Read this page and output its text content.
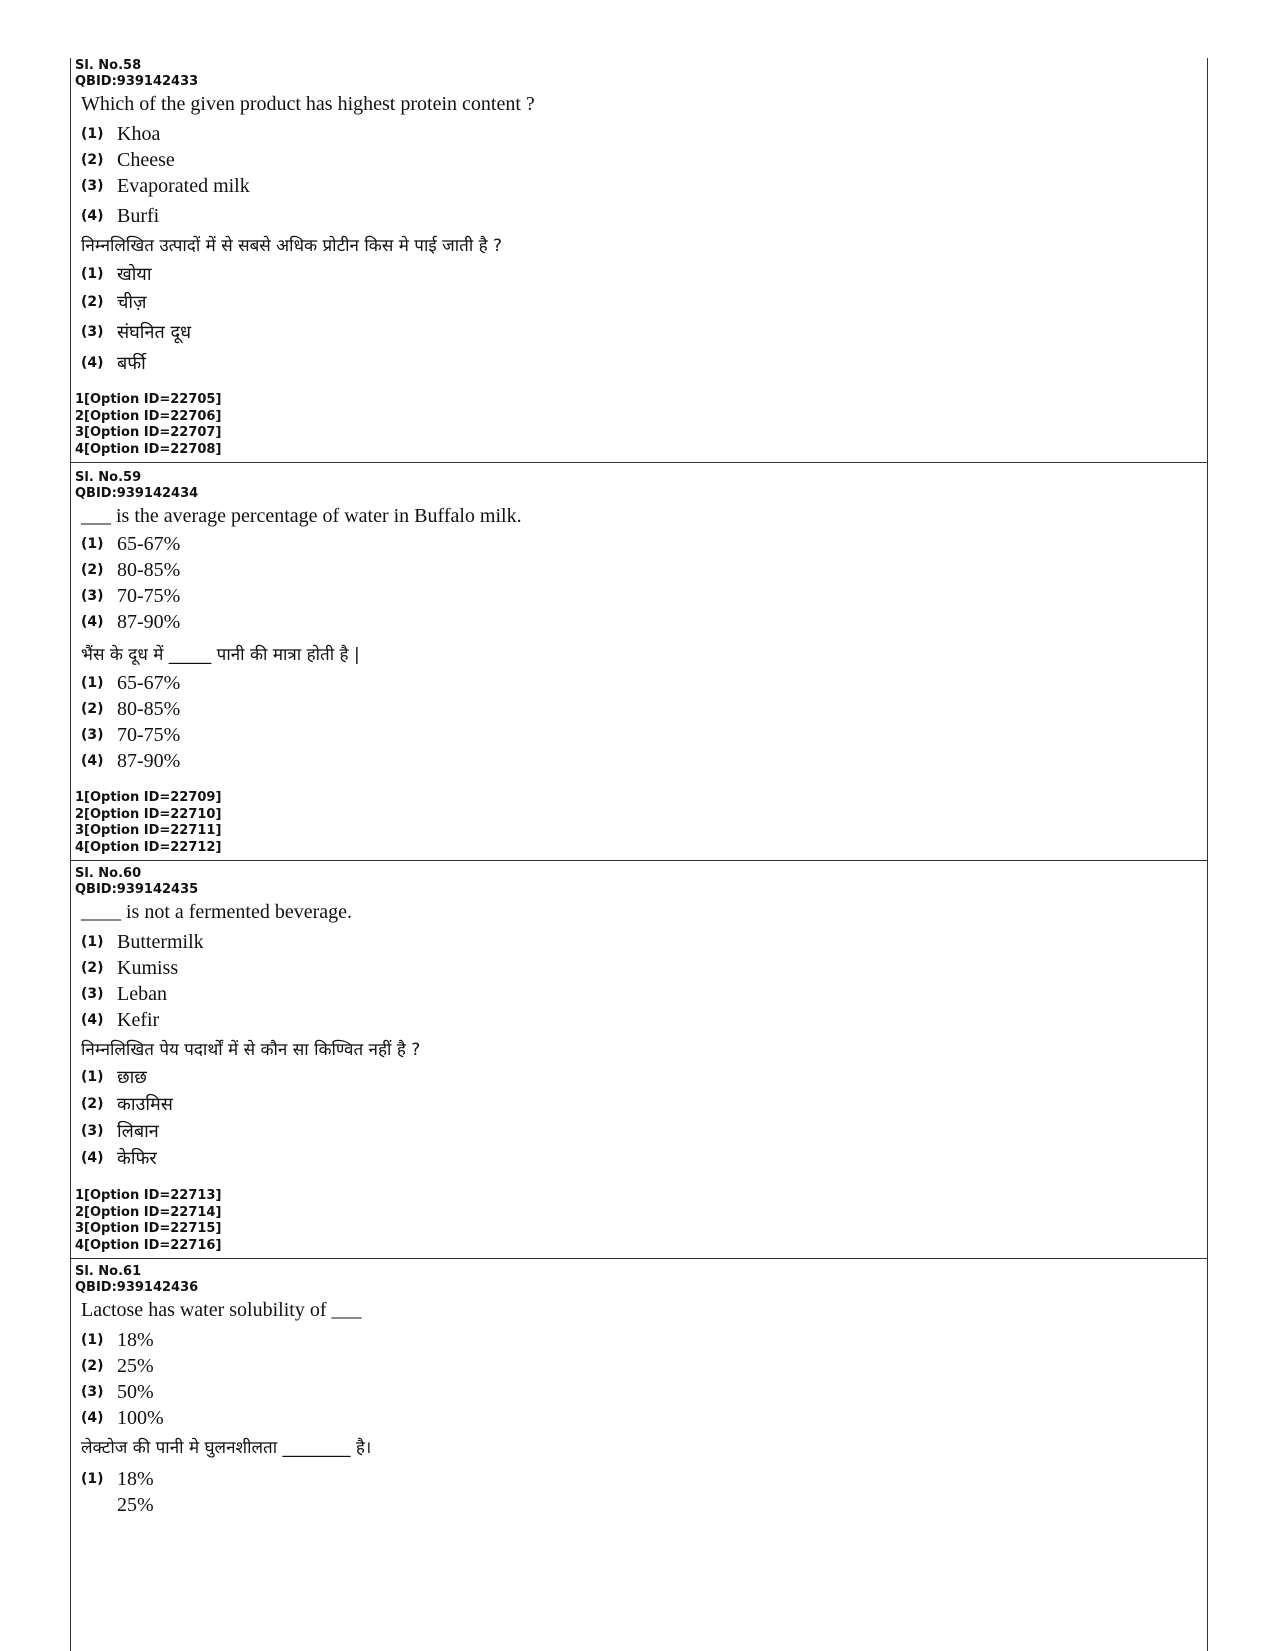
Sl. No.58
QBID:939142433
Which of the given product has highest protein content ?
(1) Khoa
(2) Cheese
(3) Evaporated milk
(4) Burfi
निम्नलिखित उत्पादों में से सबसे अधिक प्रोटीन किस मे पाई जाती है ?
(1) खोया
(2) चीज़
(3) संघनित दूध
(4) बर्फी
1[Option ID=22705]
2[Option ID=22706]
3[Option ID=22707]
4[Option ID=22708]
Sl. No.59
QBID:939142434
___ is the average percentage of water in Buffalo milk.
(1) 65-67%
(2) 80-85%
(3) 70-75%
(4) 87-90%
भैंस के दूध में _____ पानी की मात्रा होती है |
(1) 65-67%
(2) 80-85%
(3) 70-75%
(4) 87-90%
1[Option ID=22709]
2[Option ID=22710]
3[Option ID=22711]
4[Option ID=22712]
Sl. No.60
QBID:939142435
____ is not a fermented beverage.
(1) Buttermilk
(2) Kumiss
(3) Leban
(4) Kefir
निम्नलिखित पेय पदार्थों में से कौन सा किण्वित नहीं है ?
(1) छाछ
(2) काउमिस
(3) लिबान
(4) केफिर
1[Option ID=22713]
2[Option ID=22714]
3[Option ID=22715]
4[Option ID=22716]
Sl. No.61
QBID:939142436
Lactose has water solubility of ___
(1) 18%
(2) 25%
(3) 50%
(4) 100%
लेक्टोज की पानी मे घुलनशीलता ________ है।
(1) 18%
25%
